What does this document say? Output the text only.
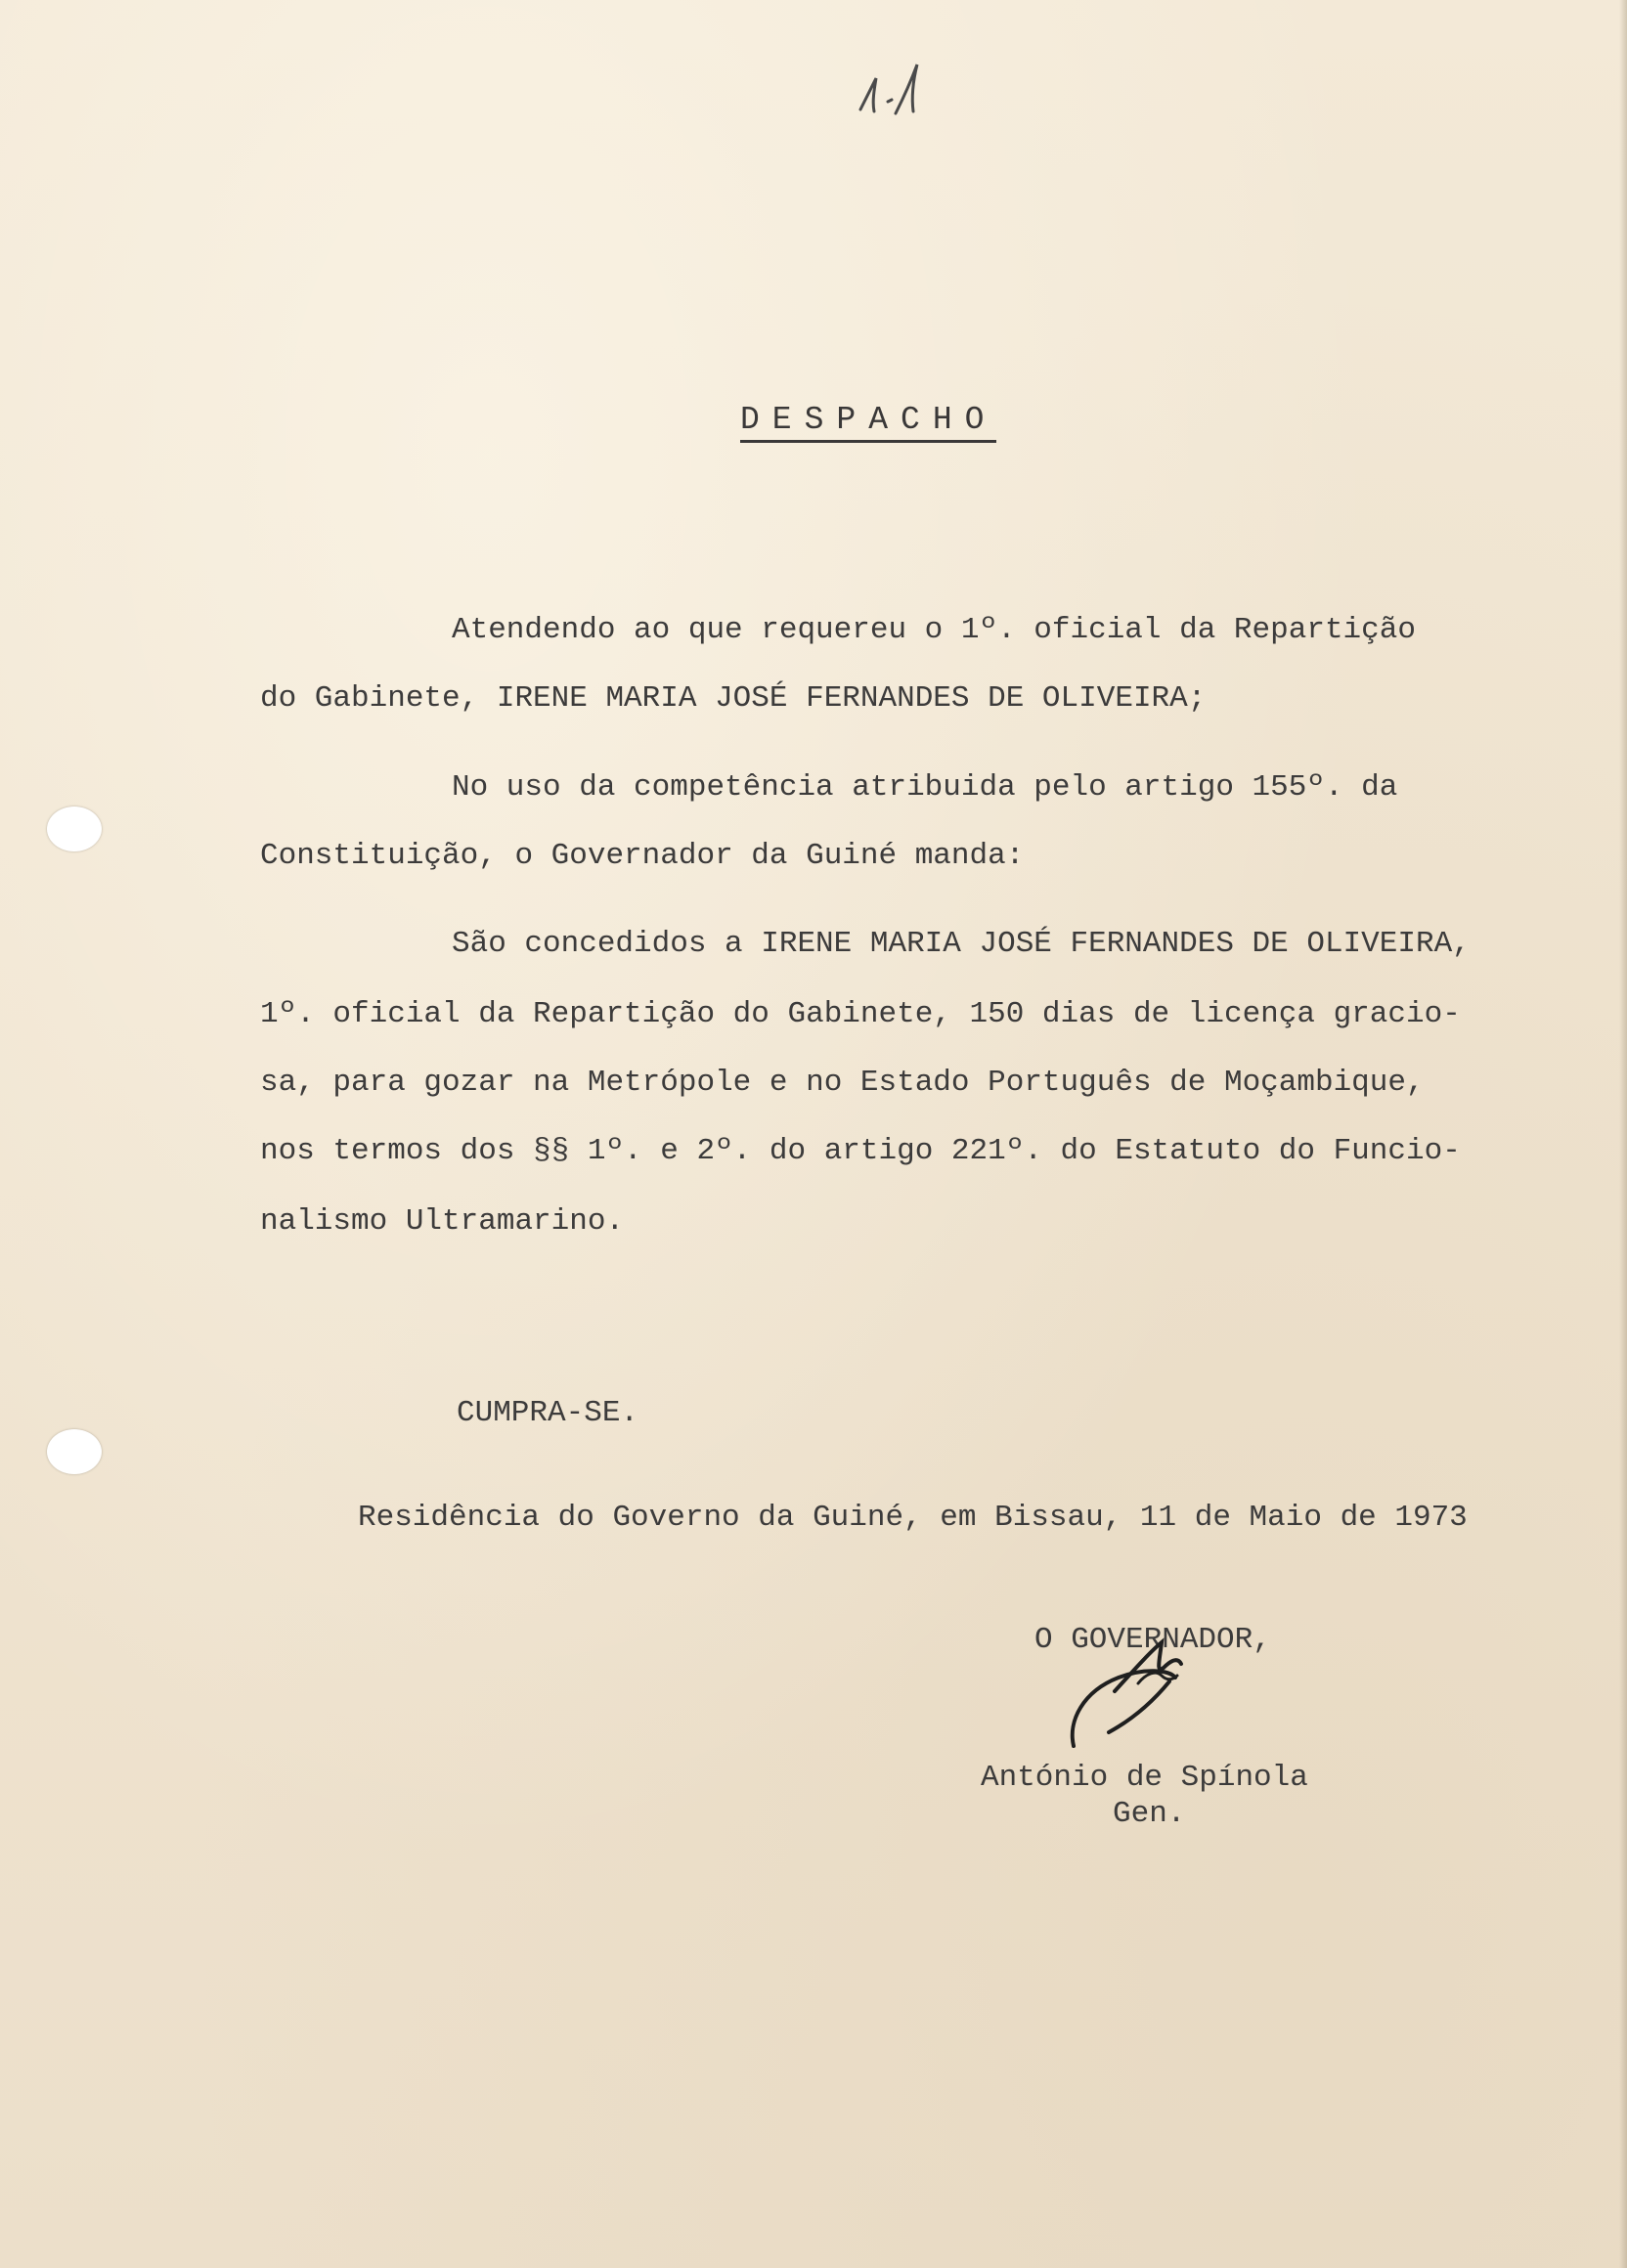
DESPACHO
Atendendo ao que requereu o 1º. oficial da Repartição
do Gabinete, IRENE MARIA JOSÉ FERNANDES DE OLIVEIRA;
No uso da competência atribuida pelo artigo 155º. da
Constituição, o Governador da Guiné manda:
São concedidos a IRENE MARIA JOSÉ FERNANDES DE OLIVEIRA,
1º. oficial da Repartição do Gabinete, 150 dias de licença gracio-
sa, para gozar na Metrópole e no Estado Português de Moçambique,
nos termos dos §§ 1º. e 2º. do artigo 221º. do Estatuto do Funcio-
nalismo Ultramarino.
CUMPRA-SE.
Residência do Governo da Guiné, em Bissau, 11 de Maio de 1973
O GOVERNADOR,
António de Spínola
Gen.
